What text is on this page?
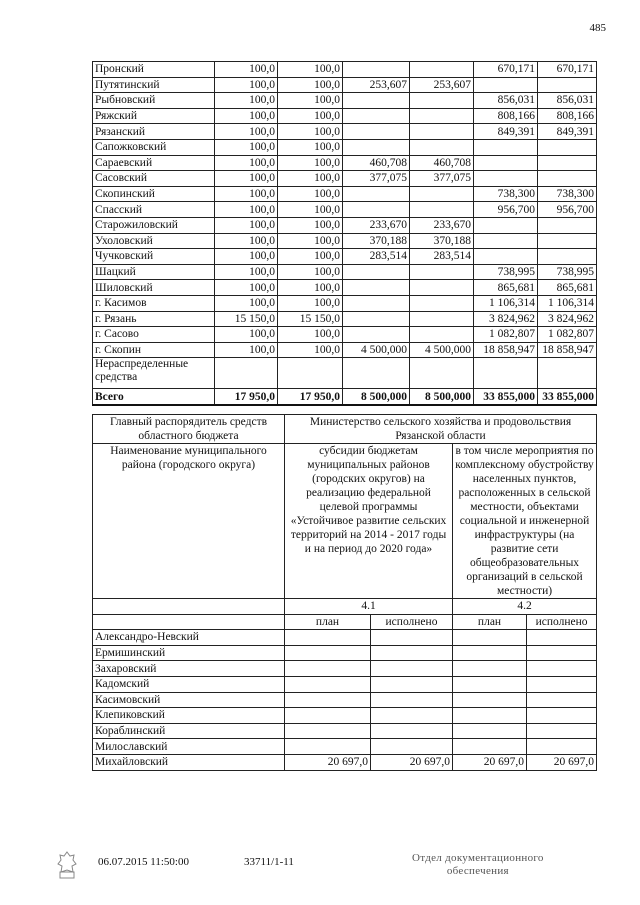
485
Пронский	100,0	100,0			670,171	670,171
Путятинский	100,0	100,0	253,607	253,607		
Рыбновский	100,0	100,0			856,031	856,031
Ряжский	100,0	100,0			808,166	808,166
Рязанский	100,0	100,0			849,391	849,391
Сапожковский	100,0	100,0				
Сараевский	100,0	100,0	460,708	460,708		
Сасовский	100,0	100,0	377,075	377,075		
Скопинский	100,0	100,0			738,300	738,300
Спасский	100,0	100,0			956,700	956,700
Старожиловский	100,0	100,0	233,670	233,670		
Ухоловский	100,0	100,0	370,188	370,188		
Чучковский	100,0	100,0	283,514	283,514		
Шацкий	100,0	100,0			738,995	738,995
Шиловский	100,0	100,0			865,681	865,681
г. Касимов	100,0	100,0			1 106,314	1 106,314
г. Рязань	15 150,0	15 150,0			3 824,962	3 824,962
г. Сасово	100,0	100,0			1 082,807	1 082,807
г. Скопин	100,0	100,0	4 500,000	4 500,000	18 858,947	18 858,947
Нераспределенные средства						
Всего	17 950,0	17 950,0	8 500,000	8 500,000	33 855,000	33 855,000
Главный распорядитель средств областного бюджета	Министерство сельского хозяйства и продовольствия Рязанской области			
Наименование муниципального района (городского округа)	субсидии бюджетам муниципальных районов (городских округов) на реализацию федеральной целевой программы «Устойчивое развитие сельских территорий на 2014 - 2017 годы и на период до 2020 года»		в том числе мероприятия по комплексному обустройству населенных пунктов, расположенных в сельской местности, объектами социальной и инженерной инфраструктуры (на развитие сети общеобразовательных организаций в сельской местности)	
	4.1		4.2	
	план	исполнено	план	исполнено
Александро-Невский				
Ермишинский				
Захаровский				
Кадомский				
Касимовский				
Клепиковский				
Кораблинский				
Милославский				
Михайловский	20 697,0	20 697,0	20 697,0	20 697,0
06.07.2015 11:50:00	33711/1-11	Отдел документационного
обеспечения
